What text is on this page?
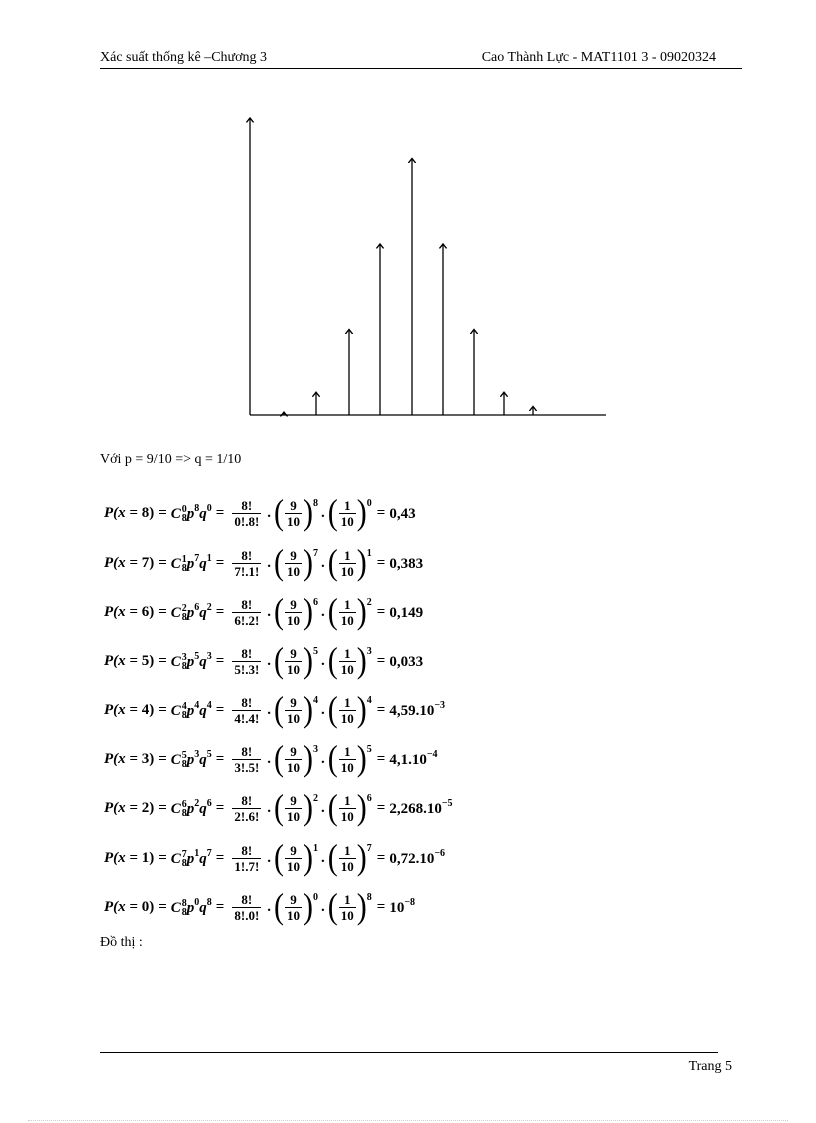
Xác suất thống kê –Chương 3	Cao Thành Lực - MAT1101 3 - 09020324
Với p = 9/10 => q = 1/10
P(x = 8) = C 0
8 $p^8q^0 = \frac{8!}{0!.8!}$ . ( $\frac{9}{10}$ ) 8
. ( $\frac{1}{10}$ ) 0
= 0,43
P(x = 7) = C 1
8 $p^7q^1 = \frac{8!}{7!.1!}$ . ( $\frac{9}{10}$ ) 7
. ( $\frac{1}{10}$ ) 1
= 0,383
P(x = 6) = C 2
8 $p^6q^2 = \frac{8!}{6!.2!}$ . ( $\frac{9}{10}$ ) 6
. ( $\frac{1}{10}$ ) 2
= 0,149
P(x = 5) = C 3
8 $p^5q^3 = \frac{8!}{5!.3!}$ . ( $\frac{9}{10}$ ) 5
. ( $\frac{1}{10}$ ) 3
= 0,033
P(x = 4) = C 4
8 $p^4q^4 = \frac{8!}{4!.4!}$ . ( $\frac{9}{10}$ ) 4
. ( $\frac{1}{10}$ ) 4
= $4,59.10^{-3}$
P(x = 3) = C 5
8 $p^3q^5 = \frac{8!}{3!.5!}$ . ( $\frac{9}{10}$ ) 3
. ( $\frac{1}{10}$ ) 5
= $4,1.10^{-4}$
P(x = 2) = C 6
8 $p^2q^6 = \frac{8!}{2!.6!}$ . ( $\frac{9}{10}$ ) 2
. ( $\frac{1}{10}$ ) 6
= $2,268.10^{-5}$
P(x = 1) = C 7
8 $p^1q^7 = \frac{8!}{1!.7!}$ . ( $\frac{9}{10}$ ) 1
. ( $\frac{1}{10}$ ) 7
= $0,72.10^{-6}$
P(x = 0) = C 8
8 $p^0q^8 = \frac{8!}{8!.0!}$ . ( $\frac{9}{10}$ ) 0
. ( $\frac{1}{10}$ ) 8
= $10^{-8}$
Đồ thị :
Trang 5
